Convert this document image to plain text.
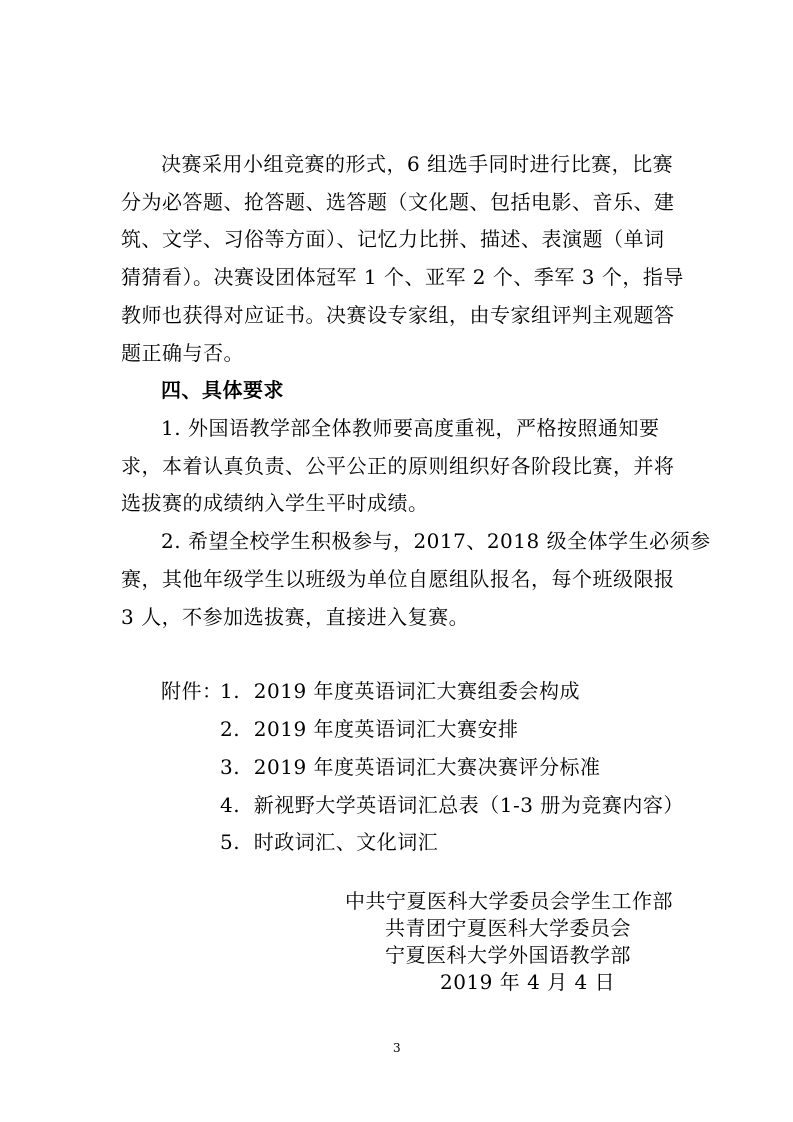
决赛采用小组竞赛的形式，6 组选手同时进行比赛，比赛
分为必答题、抢答题、选答题（文化题、包括电影、音乐、建
筑、文学、习俗等方面）、记忆力比拼、描述、表演题（单词
猜猜看）。决赛设团体冠军 1 个、亚军 2 个、季军 3 个，指导
教师也获得对应证书。决赛设专家组，由专家组评判主观题答
题正确与否。
四、具体要求
1. 外国语教学部全体教师要高度重视，严格按照通知要
求，本着认真负责、公平公正的原则组织好各阶段比赛，并将
选拔赛的成绩纳入学生平时成绩。
2. 希望全校学生积极参与，2017、2018 级全体学生必须参
赛，其他年级学生以班级为单位自愿组队报名，每个班级限报
3 人，不参加选拔赛，直接进入复赛。
附件：
1.  2019 年度英语词汇大赛组委会构成
2.  2019 年度英语词汇大赛安排
3.  2019 年度英语词汇大赛决赛评分标准
4.  新视野大学英语词汇总表（1-3 册为竞赛内容）
5.  时政词汇、文化词汇
中共宁夏医科大学委员会学生工作部
共青团宁夏医科大学委员会
宁夏医科大学外国语教学部
2019 年 4 月 4 日
3
